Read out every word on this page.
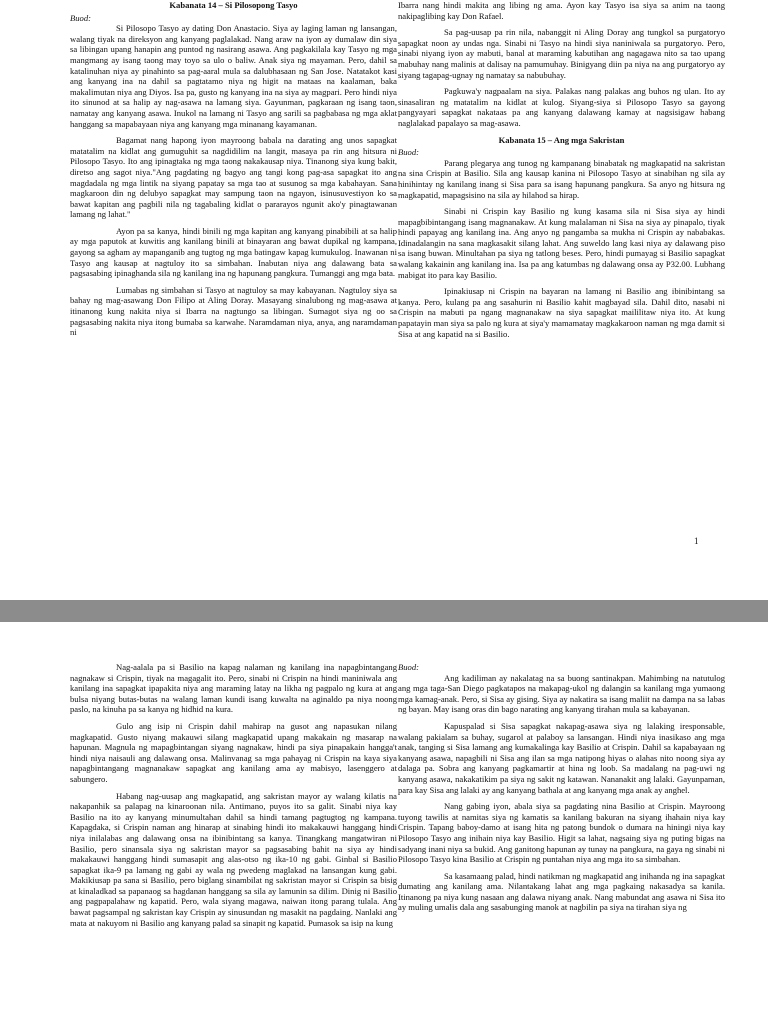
Kabanata 14 – Si Pilosopong Tasyo
Buod:

Si Pilosopo Tasyo ay dating Don Anastacio. Siya ay laging laman ng lansangan, walang tiyak na direksyon ang kanyang paglalakad. Nang araw na iyon ay dumalaw din siya sa libingan upang hanapin ang puntod ng nasirang asawa. Ang pagkakilala kay Tasyo ng mga mangmang ay isang taong may toyo sa ulo o baliw. Anak siya ng mayaman. Pero, dahil sa katalinuhan niya ay pinahinto sa pag-aaral mula sa dalubhasaan ng San Jose. Natatakot kasi ang kanyang ina na dahil sa pagtatamo niya ng higit na mataas na kaalaman, baka makalimutan niya ang Diyos. Isa pa, gusto ng kanyang ina na siya ay magpari. Pero hindi niya ito sinunod at sa halip ay nag-asawa na lamang siya. Gayunman, pagkaraan ng isang taon, namatay ang kanyang asawa. Inukol na lamang ni Tasyo ang sarili sa pagbabasa ng mga aklat hanggang sa mapabayaan niya ang kanyang mga minanang kayamanan.

Bagamat nang hapong iyon mayroong babala na darating ang unos sapagkat matatalim na kidlat ang gumuguhit sa nagdidilim na langit, masaya pa rin ang hitsura ni Pilosopo Tasyo. Ito ang ipinagtaka ng mga taong nakakausap niya. Tinanong siya kung bakit, diretso ang sagot niya."Ang pagdating ng bagyo ang tangi kong pag-asa sapagkat ito ang magdadala ng mga lintik na siyang papatay sa mga tao at susunog sa mga kabahayan. Sana magkaroon din ng delubyo sapagkat may sampung taon na ngayon, isinusuvestiyon ko sa bawat kapitan ang pagbili nila ng tagabaling kidlat o pararayos ngunit ako'y pinagtawanan lamang ng lahat."

Ayon pa sa kanya, hindi binili ng mga kapitan ang kanyang pinabibili at sa halip ay mga paputok at kuwitis ang kanilang binili at binayaran ang bawat dupikal ng kampana, gayong sa agham ay mapanganib ang tugtog ng mga batingaw kapag kumukulog. Inawanan ni Tasyo ang kausap at nagtuloy ito sa simbahan. Inabutan niya ang dalawang bata sa pagsasabing ipinaghanda sila ng kanilang ina ng hapunang pangkura. Tumanggi ang mga bata.

Lumabas ng simbahan si Tasyo at nagtuloy sa may kabayanan. Nagtuloy siya sa bahay ng mag-asawang Don Filipo at Aling Doray. Masayang sinalubong ng mag-asawa at itinanong kung nakita niya si Ibarra na nagtungo sa libingan. Sumagot siya ng oo sa pagsasabing nakita niya itong bumaba sa karwahe. Naramdaman niya, anya, ang naramdaman ni

Ibarra nang hindi makita ang libing ng ama. Ayon kay Tasyo isa siya sa anim na taong nakipaglibing kay Don Rafael.

Sa pag-uusap pa rin nila, nabanggit ni Aling Doray ang tungkol sa purgatoryo sapagkat noon ay undas nga. Sinabi ni Tasyo na hindi siya naniniwala sa purgatoryo. Pero, sinabi niyang iyon ay mabuti, banal at maraming kabutihan ang nagagawa nito sa tao upang mabuhay nang malinis at dalisay na pamumuhay. Binigyang diin pa niya na ang purgatoryo ay siyang tagapag-ugnay ng namatay sa nabubuhay.

Pagkuwa'y nagpaalam na siya. Palakas nang palakas ang buhos ng ulan. Ito ay sinasaliran ng matatalim na kidlat at kulog. Siyang-siya si Pilosopo Tasyo sa gayong pangyayari sapagkat nakataas pa ang kanyang dalawang kamay at nagsisigaw habang naglalakad papalayo sa mag-asawa.

Kabanata 15 – Ang mga Sakristan
Buod:

Parang plegarya ang tunog ng kampanang binabatak ng magkapatid na sakristan na sina Crispin at Basilio. Sila ang kausap kanina ni Pilosopo Tasyo at sinabihan ng sila ay hinihintay ng kanilang inang si Sisa para sa isang hapunang pangkura. Sa anyo ng hitsura ng magkapatid, mapagsisino na sila ay hilahod sa hirap.

Sinabi ni Crispin kay Basilio ng kung kasama sila ni Sisa siya ay hindi mapagbibintangang isang magnanakaw. At kung malalaman ni Sisa na siya ay pinapalo, tiyak hindi papayag ang kanilang ina. Ang anyo ng pangamba sa mukha ni Crispin ay nababakas. Idinadalangin na sana magkasakit silang lahat. Ang suweldo lang kasi niya ay dalawang piso sa isang buwan. Minultahan pa siya ng tatlong beses. Pero, hindi pumayag si Basilio sapagkat walang kakainin ang kanilang ina. Isa pa ang katumbas ng dalawang onsa ay P32.00. Lubhang mabigat ito para kay Basilio.

Ipinakiusap ni Crispin na bayaran na lamang ni Basilio ang ibinibintang sa kanya. Pero, kulang pa ang sasahurin ni Basilio kahit magbayad sila. Dahil dito, nasabi ni Crispin na mabuti pa ngang magnanakaw na siya sapagkat maililitaw niya ito. At kung papatayin man siya sa palo ng kura at siya'y mamamatay magkakaroon naman ng mga damit si Sisa at ang kapatid na si Basilio.

1

Nag-aalala pa si Basilio na kapag nalaman ng kanilang ina napagbintangang nagnakaw si Crispin, tiyak na magagalit ito. Pero, sinabi ni Crispin na hindi maniniwala ang kanilang ina sapagkat ipapakita niya ang maraming latay na likha ng pagpalo ng kura at ang bulsa niyang butas-butas na walang laman kundi isang kuwalta na aginaldo pa niya noong paslo, na kinuha pa sa kanya ng hidhid na kura.

Gulo ang isip ni Crispin dahil mahirap na gusot ang napasukan nilang magkapatid. Gusto niyang makauwi silang magkapatid upang makakain ng masarap na hapunan. Magnula ng mapagbintangan siyang nagnakaw, hindi pa siya pinapakain hangga't hindi niya naisauli ang dalawang onsa. Malinvanag sa mga pahayag ni Crispin na kaya siya napagbintangang magnanakaw sapagkat ang kanilang ama ay mabisyo, lasenggero at sabungero.

Habang nag-uusap ang magkapatid, ang sakristan mayor ay walang kilatis na nakapanhik sa palapag na kinaroonan nila. Antimano, puyos ito sa galit. Sinabi niya kay Basilio na ito ay kanyang minumultahan dahil sa hindi tamang pagtugtog ng kampana. Kapagdaka, si Crispin naman ang hinarap at sinabing hindi ito makakauwi hanggang hindi niya inilalabas ang dalawang onsa na ibinibintang sa kanya. Tinangkang mangatwiran ni Basilio, pero sinansala siya ng sakristan mayor sa pagsasabing bahit na siya ay hindi makakauwi hanggang hindi sumasapit ang alas-otso ng ika-10 ng gabi. Ginbal si Basilio sapagkat ika-9 pa lamang ng gabi ay wala ng pwedeng maglakad na lansangan kung gabi. Makikiusap pa sana si Basilio, pero biglang sinambilat ng sakristan mayor si Crispin sa bisig at kinaladkad sa papanaog sa hagdanan hanggang sa sila ay lamunin sa dilim. Dinig ni Basilio ang pagpapalahaw ng kapatid. Pero, wala siyang magawa, naiwan itong parang tulala. Ang bawat pagsampal ng sakristan kay Crispin ay sinusundan ng masakit na pagdaing. Nanlaki ang mata at nakuyom ni Basilio ang kanyang palad sa sinapit ng kapatid. Pumasok sa isip na kung

Buod:

Ang kadiliman ay nakalatag na sa buong santinakpan. Mahimbing na natutulog ang mga taga-San Diego pagkatapos na makapag-ukol ng dalangin sa kanilang mga yumaong mga kamag-anak. Pero, si Sisa ay gising. Siya ay nakatira sa isang maliit na dampa na sa labas ng bayan. May isang oras din bago narating ang kanyang tirahan mula sa kabayanan.

Kapuspalad si Sisa sapagkat nakapag-asawa siya ng lalaking iresponsable, walang pakialam sa buhay, sugarol at palaboy sa lansangan. Hindi niya inasikaso ang mga anak, tanging si Sisa lamang ang kumakalinga kay Basilio at Crispin. Dahil sa kapabayaan ng kanyang asawa, napagbili ni Sisa ang ilan sa mga natipong hiyas o alahas nito noong siya ay dalaga pa. Sobra ang kanyang pagkamartir at hina ng loob. Sa madalang na pag-uwi ng kanyang asawa, nakakatikim pa siya ng sakit ng katawan. Nananakit ang lalaki. Gayunpaman, para kay Sisa ang lalaki ay ang kanyang bathala at ang kanyang mga anak ay anghel.

Nang gabing iyon, abala siya sa pagdating nina Basilio at Crispin. Mayroong tuyong tawilis at namitas siya ng kamatis sa kanilang bakuran na siyang ihahain niya kay Crispin. Tapang baboy-damo at isang hita ng patong bundok o dumara na hiningi niya kay Pilosopo Tasyo ang inihain niya kay Basilio. Higit sa lahat, nagsaing siya ng puting bigas na sadyang inani niya sa bukid. Ang ganitong hapunan ay tunay na pangkura, na gaya ng sinabi ni Pilosopo Tasyo kina Basilio at Crispin ng puntahan niya ang mga ito sa simbahan.

Sa kasamaang palad, hindi natikman ng magkapatid ang inihanda ng ina sapagkat dumating ang kanilang ama. Nilantakang lahat ang mga pagkaing nakasadya sa kanila. Itinanong pa niya kung nasaan ang dalawa niyang anak. Nang mabundat ang asawa ni Sisa ito ay muling umalis dala ang sasabunging manok at nagbilin pa siya na tirahan siya ng
